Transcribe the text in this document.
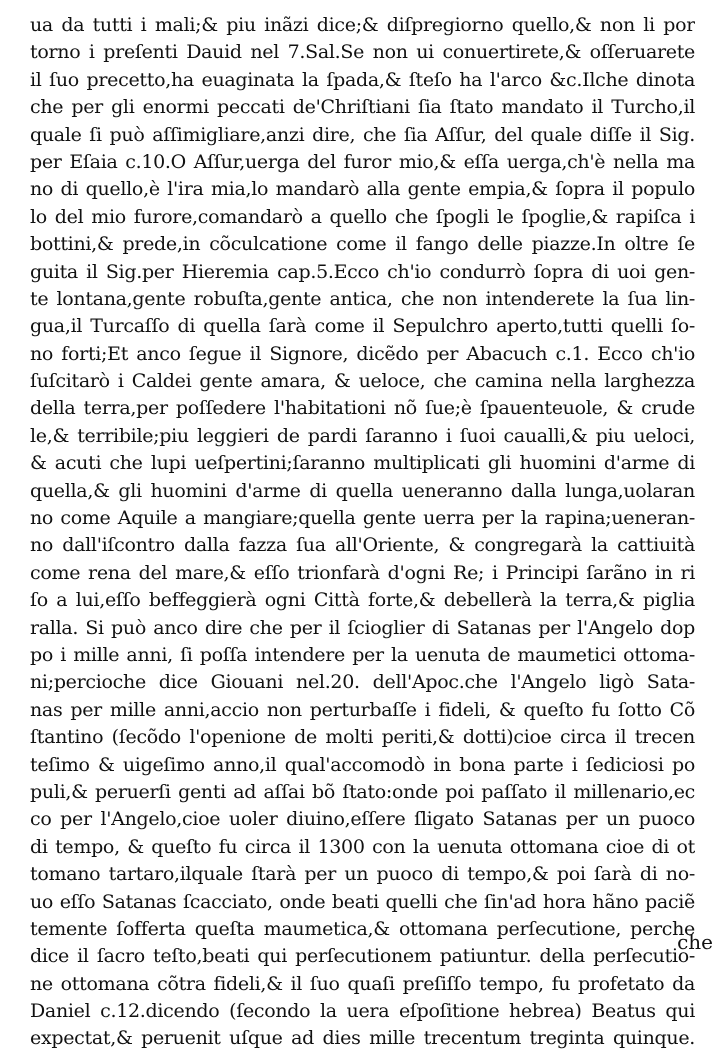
ua da tutti i mali;& piu inãzi dice;& diſpregiorno quello,& non li por
torno i preſenti Dauid nel 7.Sal.Se non ui conuertirete,& oſſeruarete
il ſuo precetto,ha euaginata la ſpada,& ſteſo ha l'arco &c.Ilche dinota
che per gli enormi peccati de'Chriſtiani ſia ſtato mandato il Turcho,il
quale ſi può aſſimigliare,anzi dire, che ſia Aſſur, del quale diſſe il Sig.
per Eſaia c.10.O Aſſur,uerga del furor mio,& eſſa uerga,ch'è nella ma
no di quello,è l'ira mia,lo mandarò alla gente empia,& ſopra il populo
lo del mio furore,comandarò a quello che ſpogli le ſpoglie,& rapiſca i
bottini,& prede,in cõculcatione come il fango delle piazze.In oltre ſe
guita il Sig.per Hieremia cap.5.Ecco ch'io condurrò ſopra di uoi gen-
te lontana,gente robuſta,gente antica, che non intenderete la ſua lin-
gua,il Turcaſſo di quella ſarà come il Sepulchro aperto,tutti quelli ſo-
no forti;Et anco ſegue il Signore, dicẽdo per Abacuch c.1. Ecco ch'io
ſuſcitarò i Caldei gente amara, & ueloce, che camina nella larghezza
della terra,per poſſedere l'habitationi nõ ſue;è ſpauenteuole, & crude
le,& terribile;piu leggieri de pardi ſaranno i ſuoi caualli,& piu ueloci,
& acuti che lupi ueſpertini;ſaranno multiplicati gli huomini d'arme di
quella,& gli huomini d'arme di quella ueneranno dalla lunga,uolaran
no come Aquile a mangiare;quella gente uerra per la rapina;ueneran-
no dall'iſcontro dalla fazza ſua all'Oriente, & congregarà la cattiuità
come rena del mare,& eſſo trionfarà d'ogni Re; i Principi ſarãno in ri
ſo a lui,eſſo beffeggierà ogni Città forte,& debellerà la terra,& piglia
ralla. Si può anco dire che per il ſcioglier di Satanas per l'Angelo dop
po i mille anni, ſi poſſa intendere per la uenuta de maumetici ottoma-
ni;percioche dice Giouani nel.20. dell'Apoc.che l'Angelo ligò Sata-
nas per mille anni,accio non perturbaſſe i fideli, & queſto fu ſotto Cõ
ſtantino (ſecõdo l'openione de molti periti,& dotti)cioe circa il trecen
teſimo & uigeſimo anno,il qual'accomodò in bona parte i ſediciosi po
puli,& peruerſi genti ad aſſai bõ ſtato:onde poi paſſato il millenario,ec
co per l'Angelo,cioe uoler diuino,eſſere ſligato Satanas per un puoco
di tempo, & queſto fu circa il 1300 con la uenuta ottomana cioe di ot
tomano tartaro,ilquale ſtarà per un puoco di tempo,& poi ſarà di no-
uo eſſo Satanas ſcacciato, onde beati quelli che ſin'ad hora hãno paciẽ
temente ſofferta queſta maumetica,& ottomana perſecutione, perche
dice il ſacro teſto,beati qui perſecutionem patiuntur. della perſecutio-
ne ottomana cõtra fideli,& il ſuo quaſi preſiſſo tempo, fu profetato da
Daniel c.12.dicendo (ſecondo la uera eſpoſitione hebrea) Beatus qui
expectat,& peruenit uſque ad dies mille trecentum treginta quinque.
che
